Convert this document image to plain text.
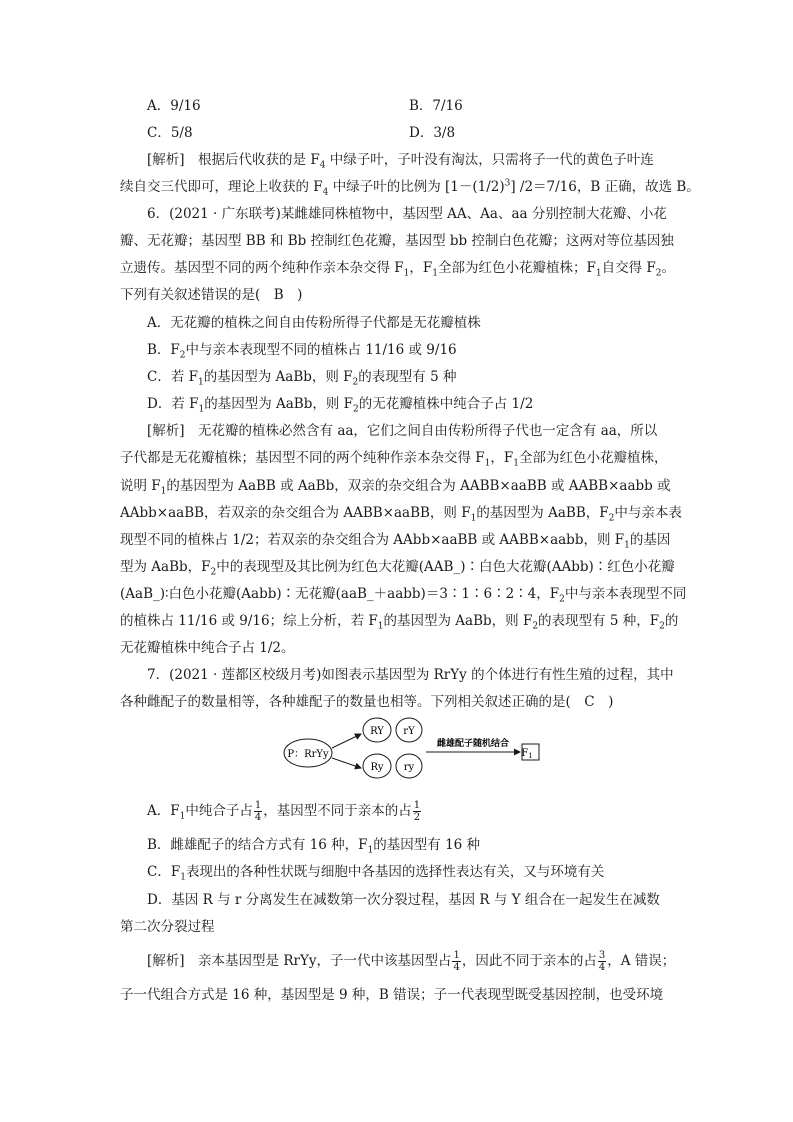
A．9/16	B．7/16
C．5/8	D．3/8
[解析]　根据后代收获的是 $F_4$ 中绿子叶，子叶没有淘汰，只需将子一代的黄色子叶连
续自交三代即可，理论上收获的 $F_4$ 中绿子叶的比例为 $[1-(1/2)^3]$ /2＝7/16，B 正确，故选 B。
6．(2021 · 广东联考)某雌雄同株植物中，基因型 AA、Aa、aa 分别控制大花瓣、小花
瓣、无花瓣；基因型 BB 和 Bb 控制红色花瓣，基因型 bb 控制白色花瓣；这两对等位基因独
立遗传。基因型不同的两个纯种作亲本杂交得 $F_1$，$F_1$全部为红色小花瓣植株；$F_1$自交得 $F_2$。
下列有关叙述错误的是(　B　)
A．无花瓣的植株之间自由传粉所得子代都是无花瓣植株
B．$F_2$中与亲本表现型不同的植株占 11/16 或 9/16
C．若 $F_1$的基因型为 AaBb，则 $F_2$的表现型有 5 种
D．若 $F_1$的基因型为 AaBb，则 $F_2$的无花瓣植株中纯合子占 1/2
[解析]　无花瓣的植株必然含有 aa，它们之间自由传粉所得子代也一定含有 aa，所以
子代都是无花瓣植株；基因型不同的两个纯种作亲本杂交得 $F_1$，$F_1$全部为红色小花瓣植株，
说明 $F_1$的基因型为 AaBB 或 AaBb，双亲的杂交组合为 AABB×aaBB 或 AABB×aabb 或
AAbb×aaBB，若双亲的杂交组合为 AABB×aaBB，则 $F_1$的基因型为 AaBB，$F_2$中与亲本表
现型不同的植株占 1/2；若双亲的杂交组合为 AAbb×aaBB 或 AABB×aabb，则 $F_1$的基因
型为 AaBb，$F_2$中的表现型及其比例为红色大花瓣(AAB_)∶白色大花瓣(AAbb)∶红色小花瓣
(AaB_)∶白色小花瓣(Aabb)∶无花瓣(aaB_＋aabb)＝3∶1∶6∶2∶4，$F_2$中与亲本表现型不同
的植株占 11/16 或 9/16；综上分析，若 $F_1$的基因型为 AaBb，则 $F_2$的表现型有 5 种，$F_2$的
无花瓣植株中纯合子占 1/2。
7．(2021 · 莲都区校级月考)如图表示基因型为 RrYy 的个体进行有性生殖的过程，其中
各种雌配子的数量相等，各种雄配子的数量也相等。下列相关叙述正确的是(　C　)
P：RrYy
RY rY
Ry ry
雌雄配子随机结合
$F_1$
A．$F_1$中纯合子占 $\frac{1}{4}$ ，基因型不同于亲本的占 $\frac{1}{2}$
B．雌雄配子的结合方式有 16 种，$F_1$的基因型有 16 种
C．$F_1$表现出的各种性状既与细胞中各基因的选择性表达有关，又与环境有关
D．基因 R 与 r 分离发生在减数第一次分裂过程，基因 R 与 Y 组合在一起发生在减数
第二次分裂过程
[解析]　亲本基因型是 RrYy，子一代中该基因型占 $\frac{1}{4}$ ，因此不同于亲本的占 $\frac{3}{4}$ ，A 错误；
子一代组合方式是 16 种，基因型是 9 种，B 错误；子一代表现型既受基因控制，也受环境
